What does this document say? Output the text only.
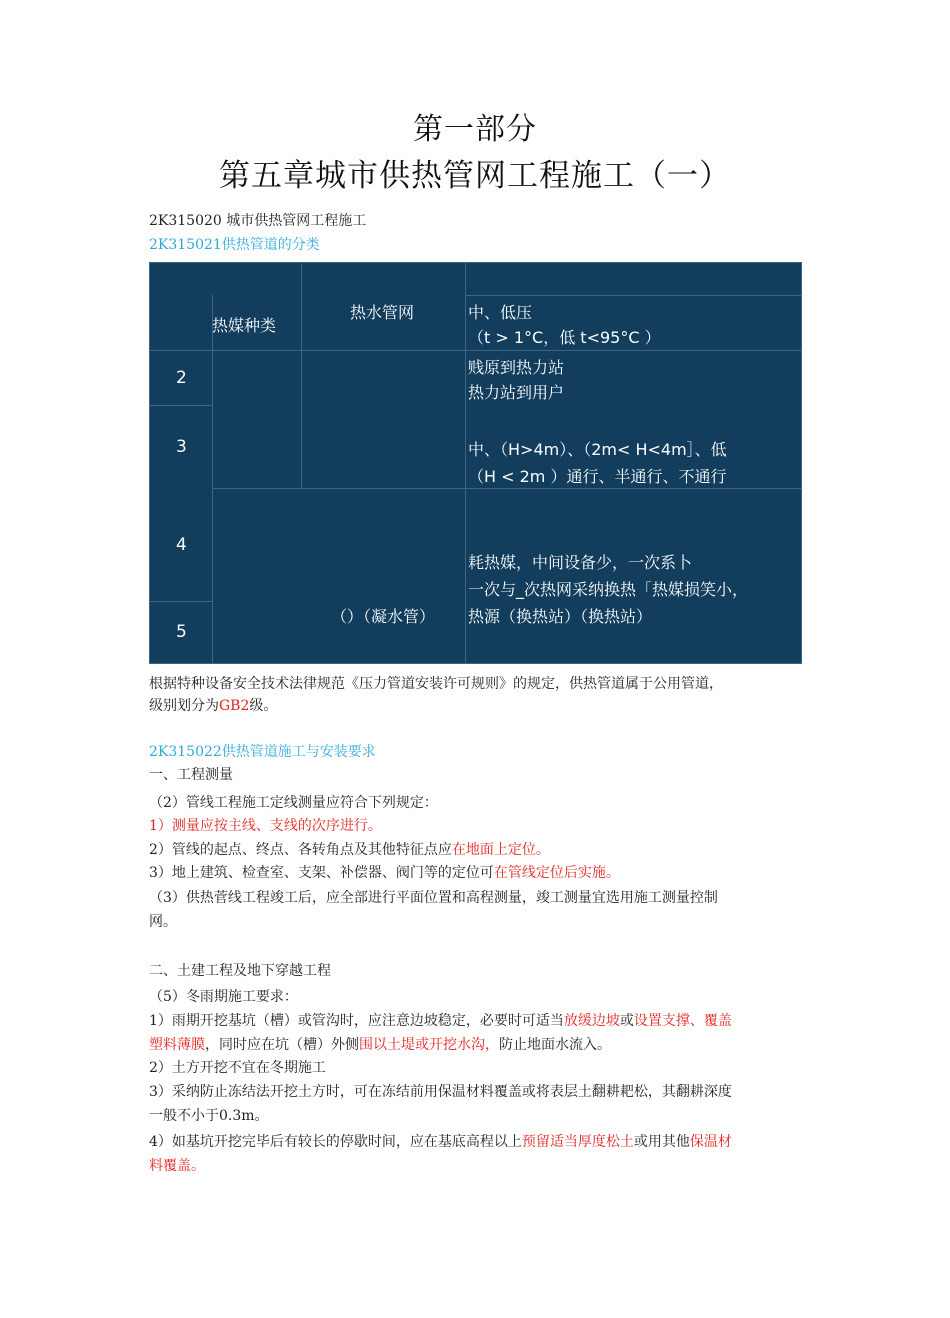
第一部分
第五章城市供热管网工程施工（一）
2K315020 城市供热管网工程施工
2K315021供热管道的分类
热媒种类
热水管网	中、低压
（t > 1°C，低 t<95°C ）
2
3
4
5
贱原到热力站
热力站到用户
中、（H>4m）、（2m< H<4m］、低
（H < 2m ）通行、半通行、不通行
耗热媒，中间设备少，一次系卜
一次与_次热网采纳换热「热媒损笑小，
热源（换热站）（换热站）
（）（凝水管）
根据特种设备安全技术法律规范《压力管道安装许可规则》的规定，供热管道属于公用管道，
级别划分为GB2级。
2K315022供热管道施工与安装要求
一、工程测量
（2）管线工程施工定线测量应符合下列规定：
1）测量应按主线、支线的次序进行。
2）管线的起点、终点、各转角点及其他特征点应在地面上定位。
3）地上建筑、检查室、支架、补偿器、阀门等的定位可在管线定位后实施。
（3）供热菅线工程竣工后，应全部进行平面位置和高程测量，竣工测量宜选用施工测量控制
网。
二、土建工程及地下穿越工程
（5）冬雨期施工要求：
1）雨期开挖基坑（槽）或管沟时，应注意边坡稳定，必要时可适当放缓边坡或设置支撑、覆盖
塑料薄膜，同时应在坑（槽）外侧围以土堤或开挖水沟，防止地面水流入。
2）土方开挖不宜在冬期施工
3）采纳防止冻结法开挖土方时，可在冻结前用保温材料覆盖或将表层土翻耕耙松，其翻耕深度
一般不小于0.3m。
4）如基坑开挖完毕后有较长的停歇时间，应在基底高程以上预留适当厚度松土或用其他保温材
料覆盖。
